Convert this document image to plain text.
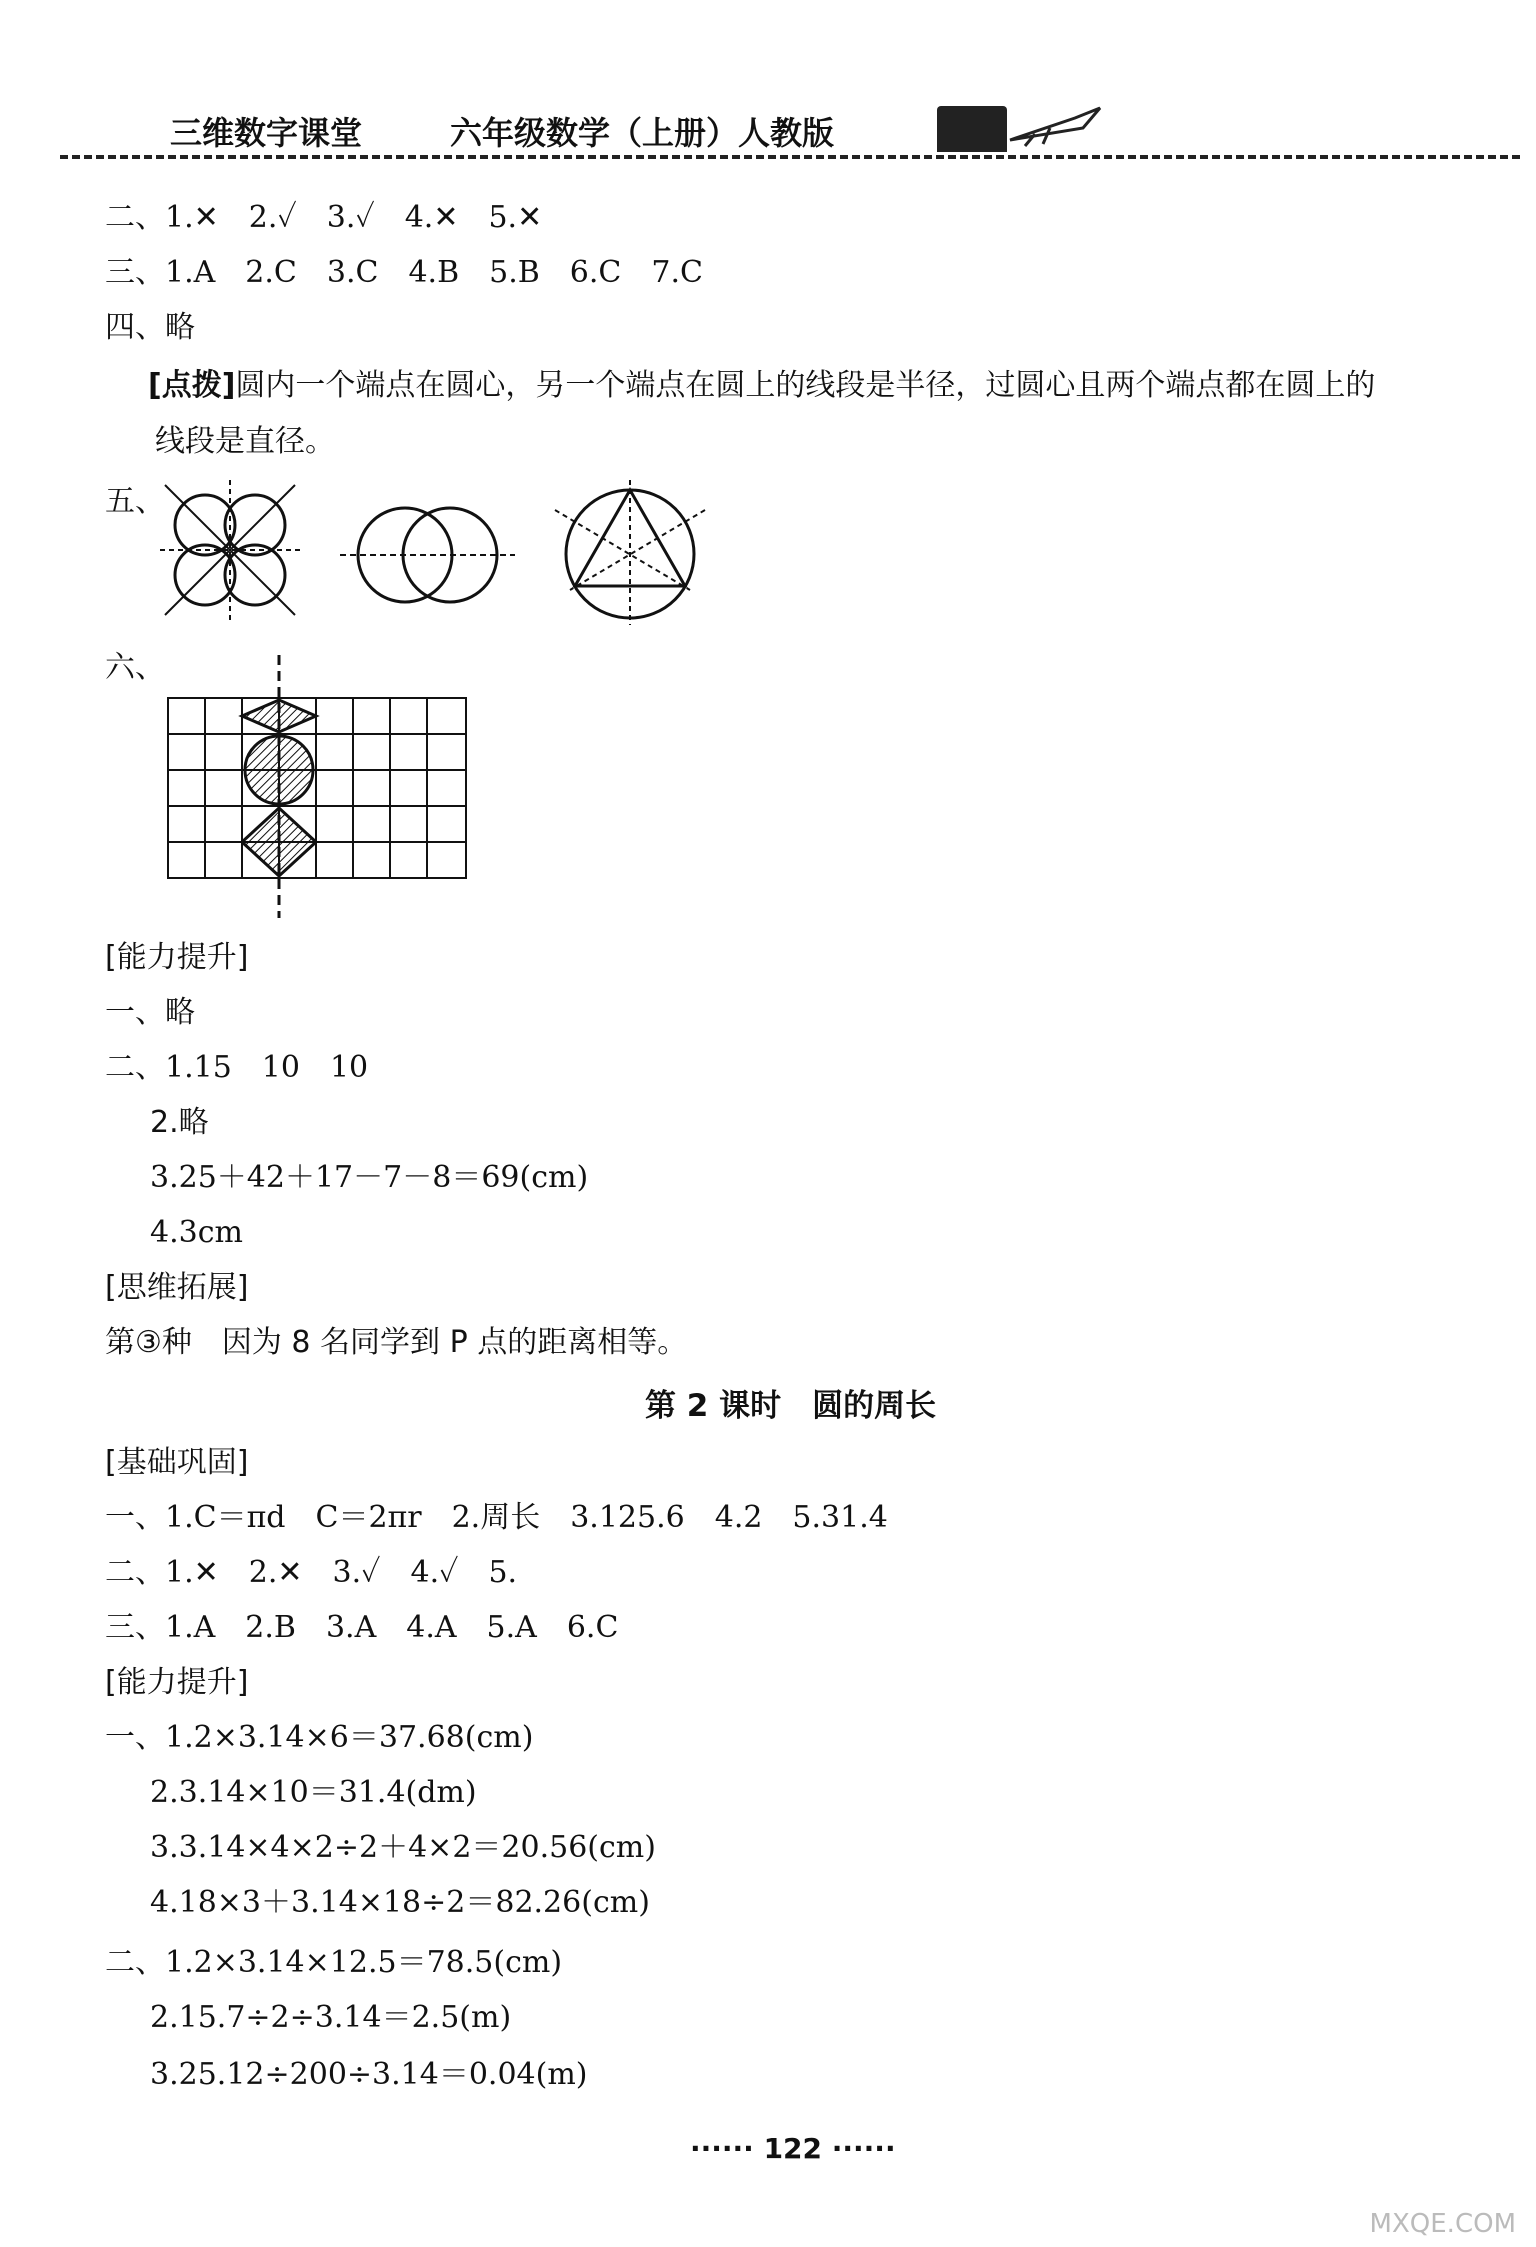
三维数字课堂	六年级数学（上册）人教版
二、1.✕　2.✓　3.✓　4.✕　5.✕
三、1.A　2.C　3.C　4.B　5.B　6.C　7.C
四、略
[点拨]圆内一个端点在圆心，另一个端点在圆上的线段是半径，过圆心且两个端点都在圆上的
线段是直径。
五、
六、
[能力提升]
一、略
二、1.15　10　10
2.略
3.25＋42＋17－7－8＝69(cm)
4.3cm
[思维拓展]
第③种　因为 8 名同学到 P 点的距离相等。
第 2 课时　圆的周长
[基础巩固]
一、1.C＝πd　C＝2πr　2.周长　3.125.6　4.2　5.31.4
二、1.✕　2.✕　3.✓　4.✓　5.
三、1.A　2.B　3.A　4.A　5.A　6.C
[能力提升]
一、1.2×3.14×6＝37.68(cm)
2.3.14×10＝31.4(dm)
3.3.14×4×2÷2＋4×2＝20.56(cm)
4.18×3＋3.14×18÷2＝82.26(cm)
二、1.2×3.14×12.5＝78.5(cm)
2.15.7÷2÷3.14＝2.5(m)
3.25.12÷200÷3.14＝0.04(m)
······ 122 ······
MXQE.COM
